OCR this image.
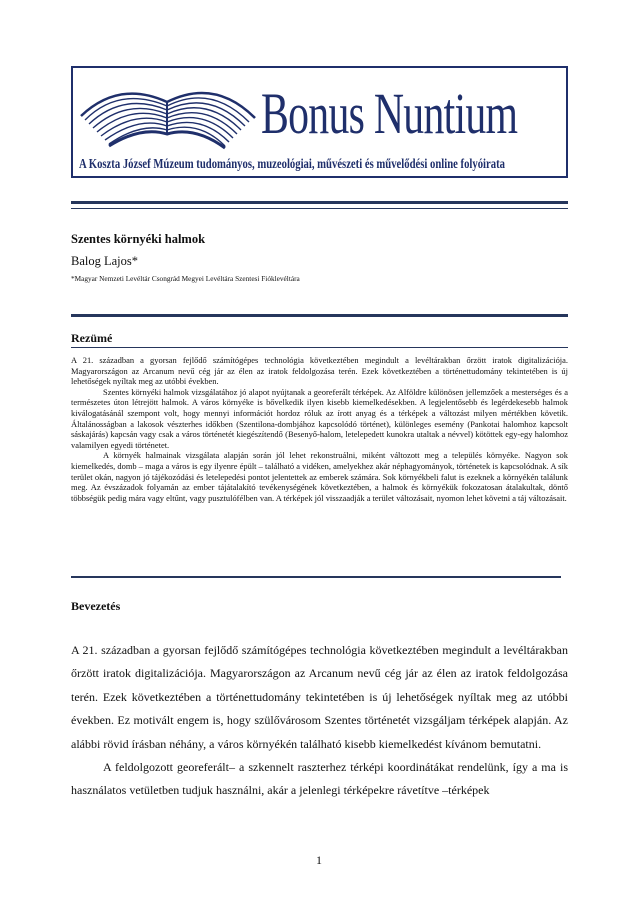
Bonus Nuntium
A Koszta József Múzeum tudományos, muzeológiai, művészeti és művelődési online folyóirata
Szentes környéki halmok
Balog Lajos*
*Magyar Nemzeti Levéltár Csongrád Megyei Levéltára Szentesi Fióklevéltára
Rezümé

A 21. században a gyorsan fejlődő számítógépes technológia következtében megindult a levéltárakban őrzött iratok digitalizációja. Magyarországon az Arcanum nevű cég jár az élen az iratok feldolgozása terén. Ezek következtében a történettudomány tekintetében is új lehetőségek nyíltak meg az utóbbi években.

Szentes környéki halmok vizsgálatához jó alapot nyújtanak a georeferált térképek. Az Alföldre különösen jellemzőek a mesterséges és a természetes úton létrejött halmok. A város környéke is bővelkedik ilyen kisebb kiemelkedésekben. A legjelentősebb és legérdekesebb halmok kiválogatásánál szempont volt, hogy mennyi információt hordoz róluk az írott anyag és a térképek a változást milyen mértékben követik. Általánosságban a lakosok vészterhes időkben (Szentilona-dombjához kapcsolódó történet), különleges esemény (Pankotai halomhoz kapcsolt sáskajárás) kapcsán vagy csak a város történetét kiegészítendő (Besenyő-halom, letelepedett kunokra utaltak a névvel) kötöttek egy-egy halomhoz valamilyen egyedi történetet.

A környék halmainak vizsgálata alapján során jól lehet rekonstruálni, miként változott meg a település környéke. Nagyon sok kiemelkedés, domb – maga a város is egy ilyenre épült – található a vidéken, amelyekhez akár néphagyományok, történetek is kapcsolódnak. A sík terület okán, nagyon jó tájékozódási és letelepedési pontot jelentettek az emberek számára. Sok környékbeli falut is ezeknek a környékén találunk meg. Az évszázadok folyamán az ember tájátalakító tevékenységének következtében, a halmok és környékük fokozatosan átalakultak, döntő többségük pedig mára vagy eltűnt, vagy pusztulófélben van. A térképek jól visszaadják a terület változásait, nyomon lehet követni a táj változásait.

Bevezetés

A 21. században a gyorsan fejlődő számítógépes technológia következtében megindult a levéltárakban őrzött iratok digitalizációja. Magyarországon az Arcanum nevű cég jár az élen az iratok feldolgozása terén. Ezek következtében a történettudomány tekintetében is új lehetőségek nyíltak meg az utóbbi években. Ez motivált engem is, hogy szülővárosom Szentes történetét vizsgáljam térképek alapján. Az alábbi rövid írásban néhány, a város környékén található kisebb kiemelkedést kívánom bemutatni.

A feldolgozott georeferált– a szkennelt raszterhez térképi koordinátákat rendelünk, így a ma is használatos vetületben tudjuk használni, akár a jelenlegi térképekre rávetítve –térképek

1
